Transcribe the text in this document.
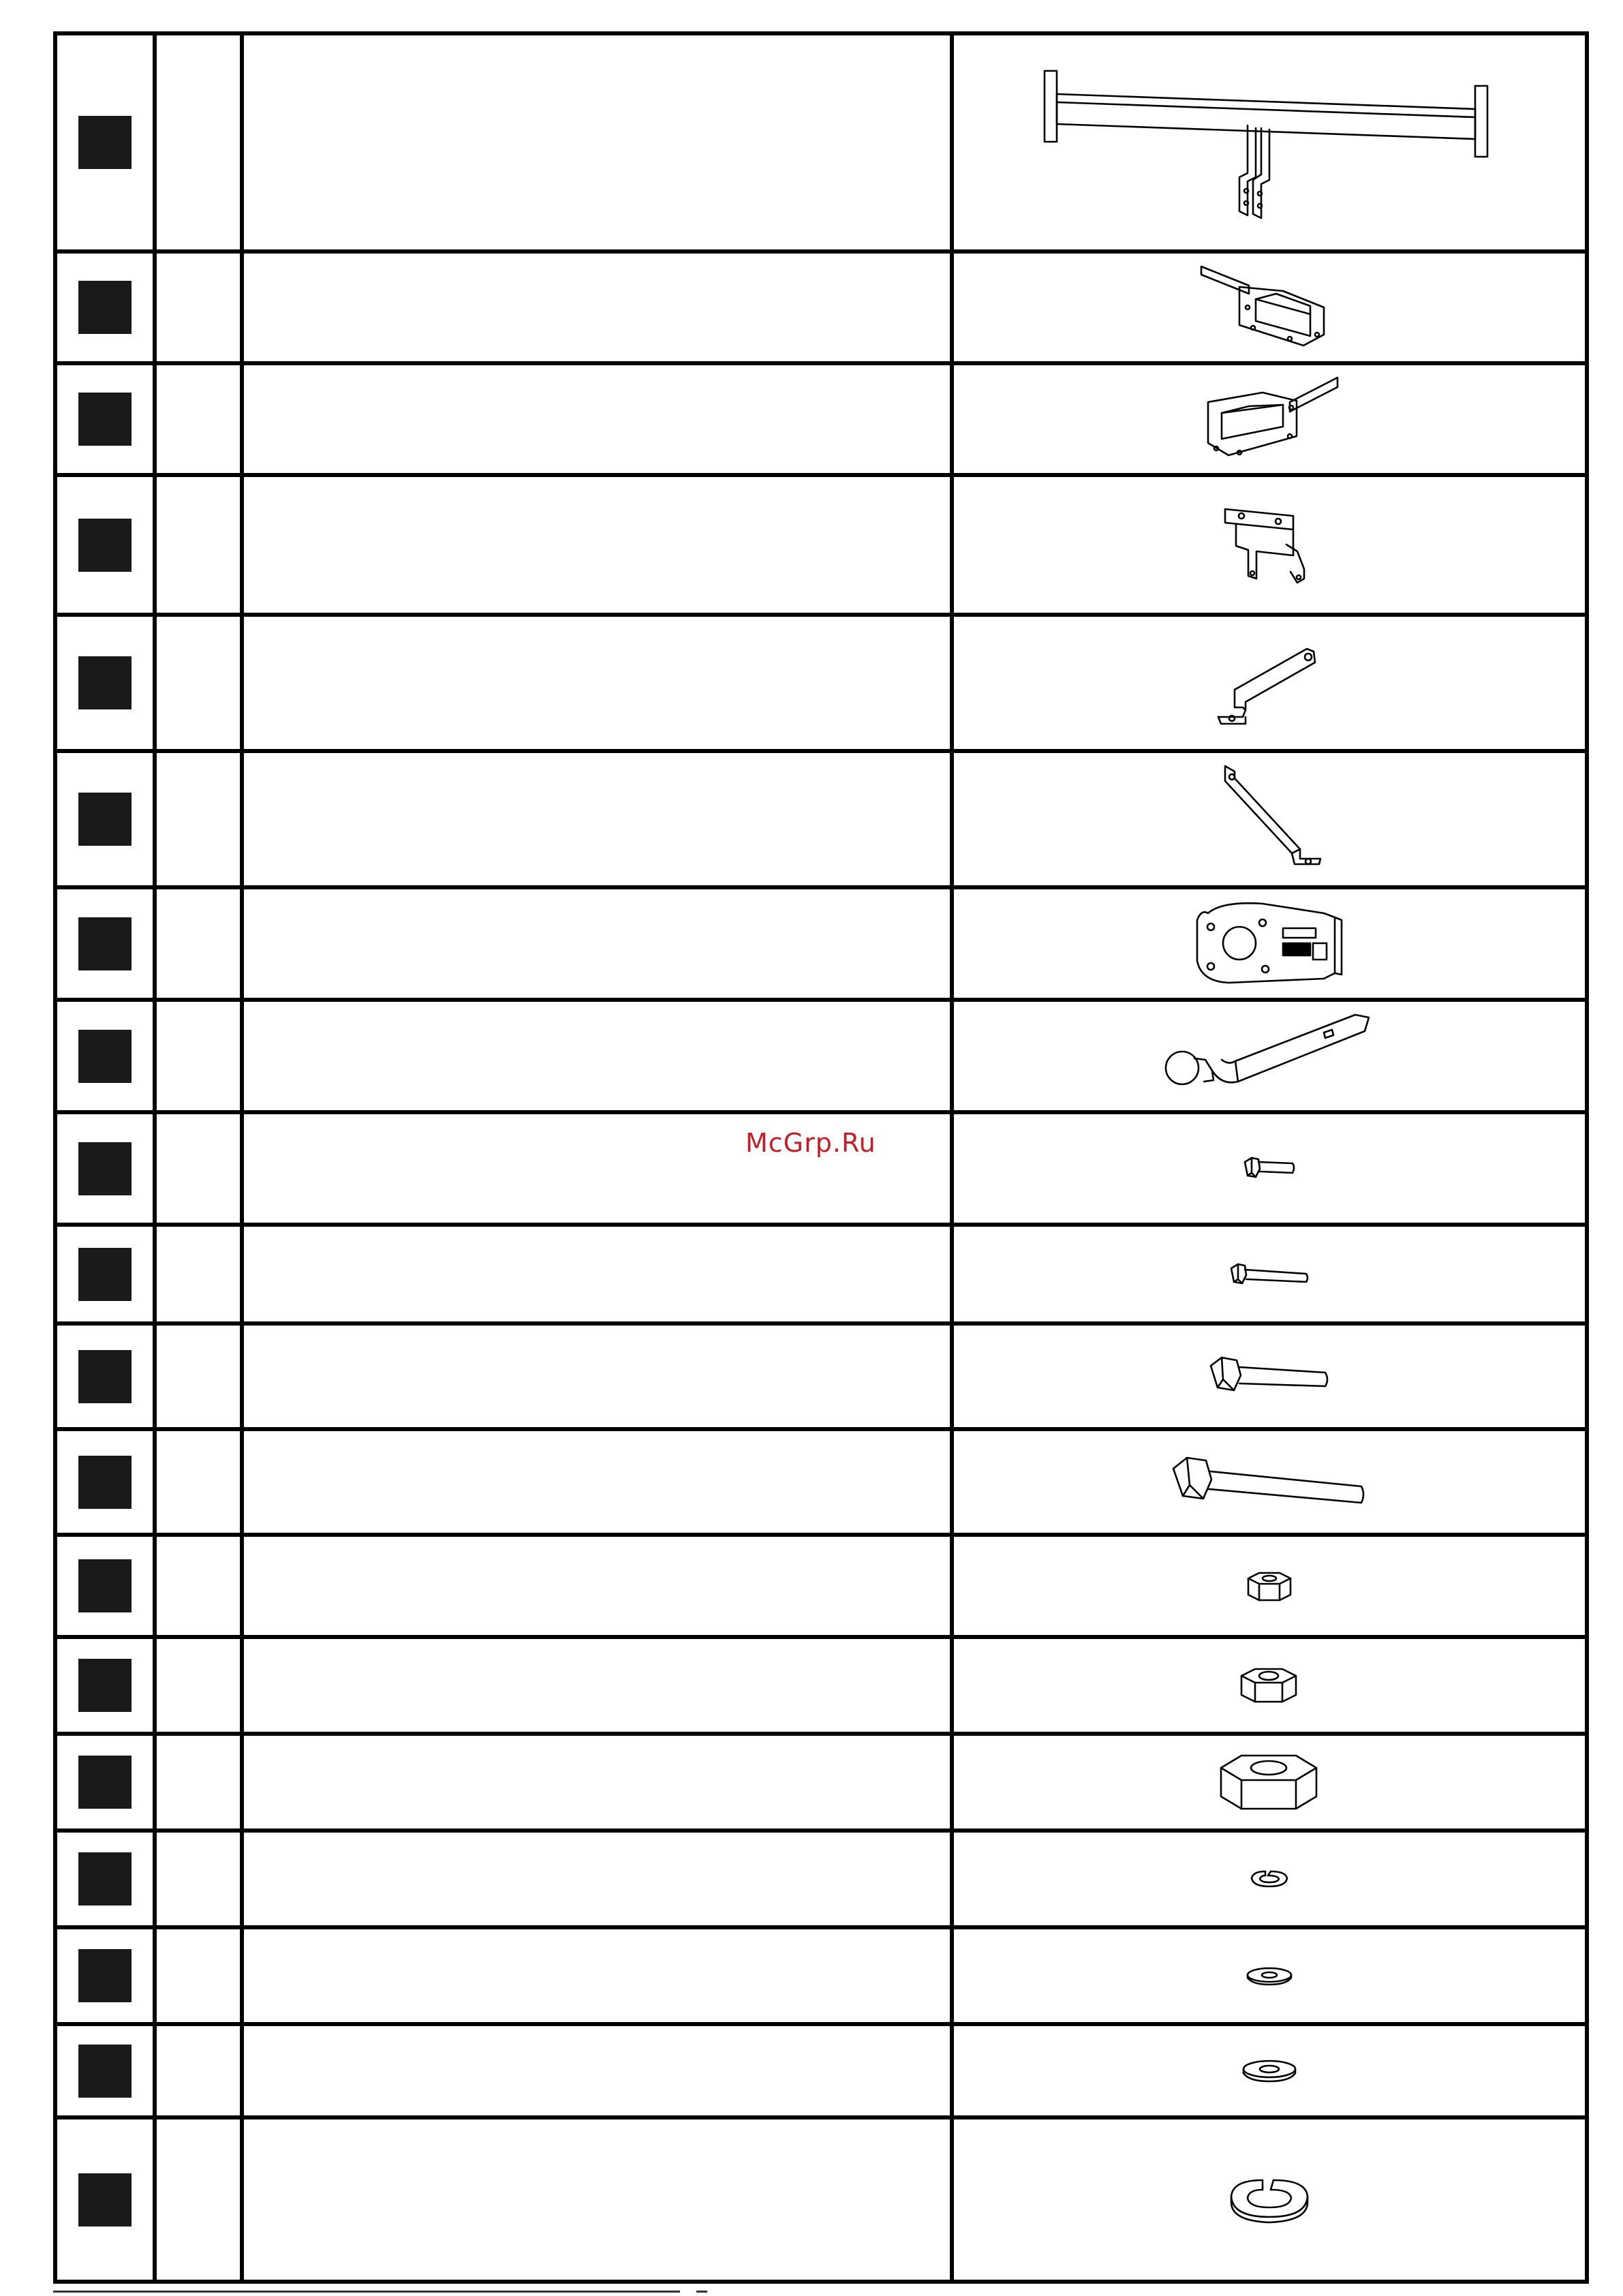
		McGrp.Ru
